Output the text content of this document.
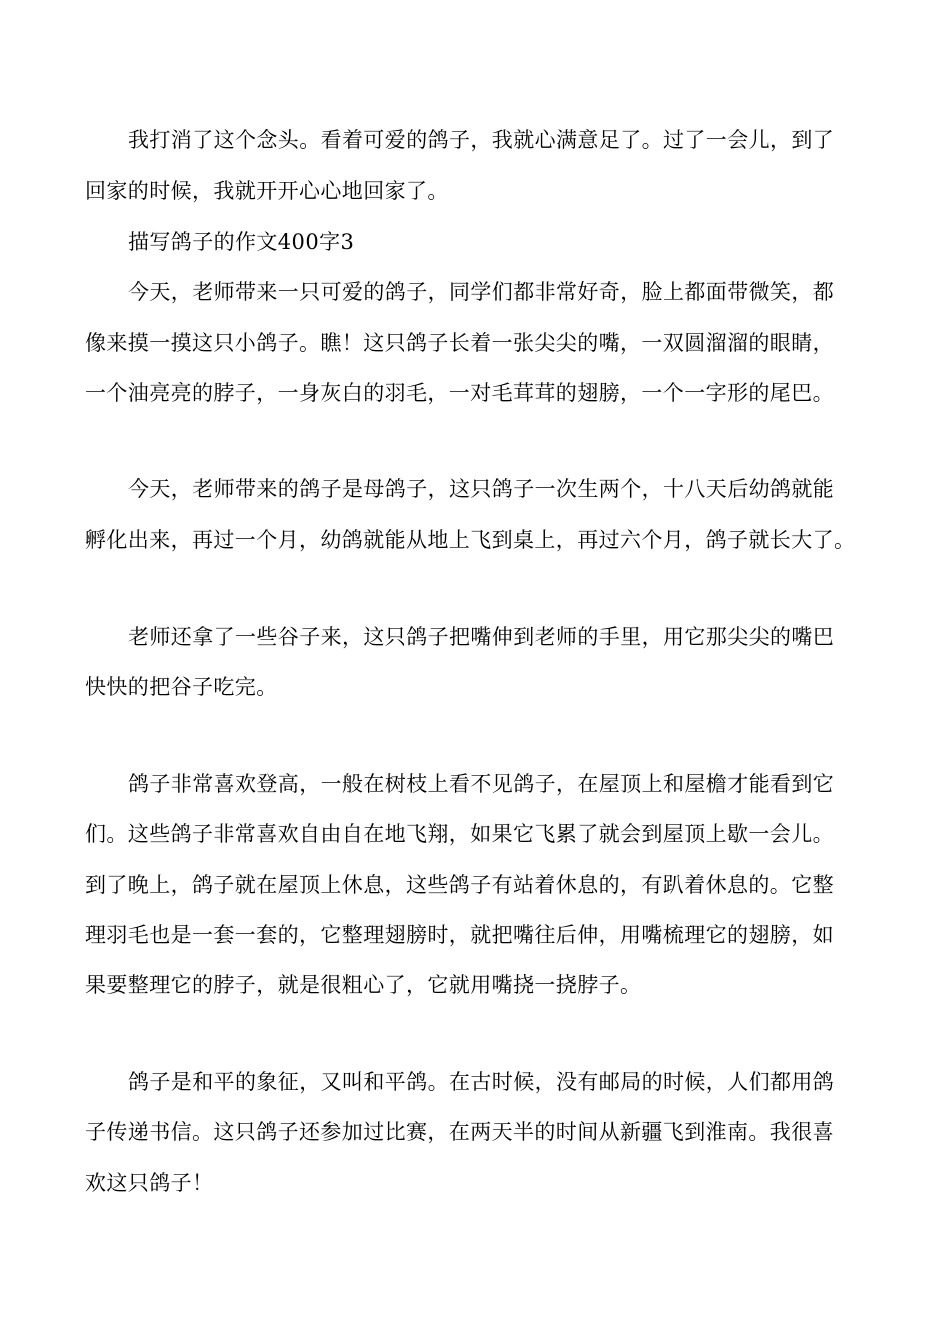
我打消了这个念头。看着可爱的鸽子，我就心满意足了。过了一会儿，到了
回家的时候，我就开开心心地回家了。
描写鸽子的作文400字3
今天，老师带来一只可爱的鸽子，同学们都非常好奇，脸上都面带微笑，都
像来摸一摸这只小鸽子。瞧！这只鸽子长着一张尖尖的嘴，一双圆溜溜的眼睛，
一个油亮亮的脖子，一身灰白的羽毛，一对毛茸茸的翅膀，一个一字形的尾巴。
今天，老师带来的鸽子是母鸽子，这只鸽子一次生两个，十八天后幼鸽就能
孵化出来，再过一个月，幼鸽就能从地上飞到桌上，再过六个月，鸽子就长大了。
老师还拿了一些谷子来，这只鸽子把嘴伸到老师的手里，用它那尖尖的嘴巴
快快的把谷子吃完。
鸽子非常喜欢登高，一般在树枝上看不见鸽子，在屋顶上和屋檐才能看到它
们。这些鸽子非常喜欢自由自在地飞翔，如果它飞累了就会到屋顶上歇一会儿。
到了晚上，鸽子就在屋顶上休息，这些鸽子有站着休息的，有趴着休息的。它整
理羽毛也是一套一套的，它整理翅膀时，就把嘴往后伸，用嘴梳理它的翅膀，如
果要整理它的脖子，就是很粗心了，它就用嘴挠一挠脖子。
鸽子是和平的象征，又叫和平鸽。在古时候，没有邮局的时候，人们都用鸽
子传递书信。这只鸽子还参加过比赛，在两天半的时间从新疆飞到淮南。我很喜
欢这只鸽子！
